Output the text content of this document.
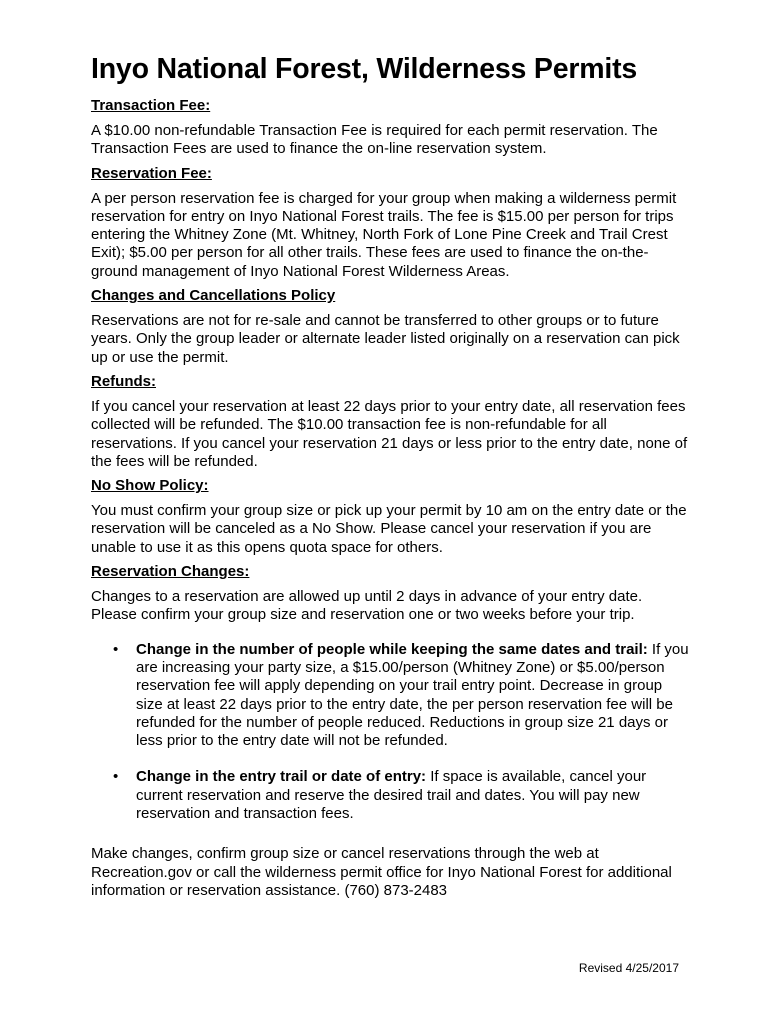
Inyo National Forest, Wilderness Permits
Transaction Fee:

A $10.00 non-refundable Transaction Fee is required for each permit reservation. The Transaction Fees are used to finance the on-line reservation system.

Reservation Fee:

A per person reservation fee is charged for your group when making a wilderness permit reservation for entry on Inyo National Forest trails. The fee is $15.00 per person for trips entering the Whitney Zone (Mt. Whitney, North Fork of Lone Pine Creek and Trail Crest Exit); $5.00 per person for all other trails. These fees are used to finance the on-the-ground management of Inyo National Forest Wilderness Areas.

Changes and Cancellations Policy

Reservations are not for re-sale and cannot be transferred to other groups or to future years. Only the group leader or alternate leader listed originally on a reservation can pick up or use the permit.

Refunds:

If you cancel your reservation at least 22 days prior to your entry date, all reservation fees collected will be refunded. The $10.00 transaction fee is non-refundable for all reservations. If you cancel your reservation 21 days or less prior to the entry date, none of the fees will be refunded.

No Show Policy:

You must confirm your group size or pick up your permit by 10 am on the entry date or the reservation will be canceled as a No Show. Please cancel your reservation if you are unable to use it as this opens quota space for others.

Reservation Changes:

Changes to a reservation are allowed up until 2 days in advance of your entry date. Please confirm your group size and reservation one or two weeks before your trip.

• Change in the number of people while keeping the same dates and trail: If you are increasing your party size, a $15.00/person (Whitney Zone) or $5.00/person reservation fee will apply depending on your trail entry point. Decrease in group size at least 22 days prior to the entry date, the per person reservation fee will be refunded for the number of people reduced. Reductions in group size 21 days or less prior to the entry date will not be refunded.
• Change in the entry trail or date of entry: If space is available, cancel your current reservation and reserve the desired trail and dates. You will pay new reservation and transaction fees.

Make changes, confirm group size or cancel reservations through the web at Recreation.gov or call the wilderness permit office for Inyo National Forest for additional information or reservation assistance. (760) 873-2483

Revised 4/25/2017
